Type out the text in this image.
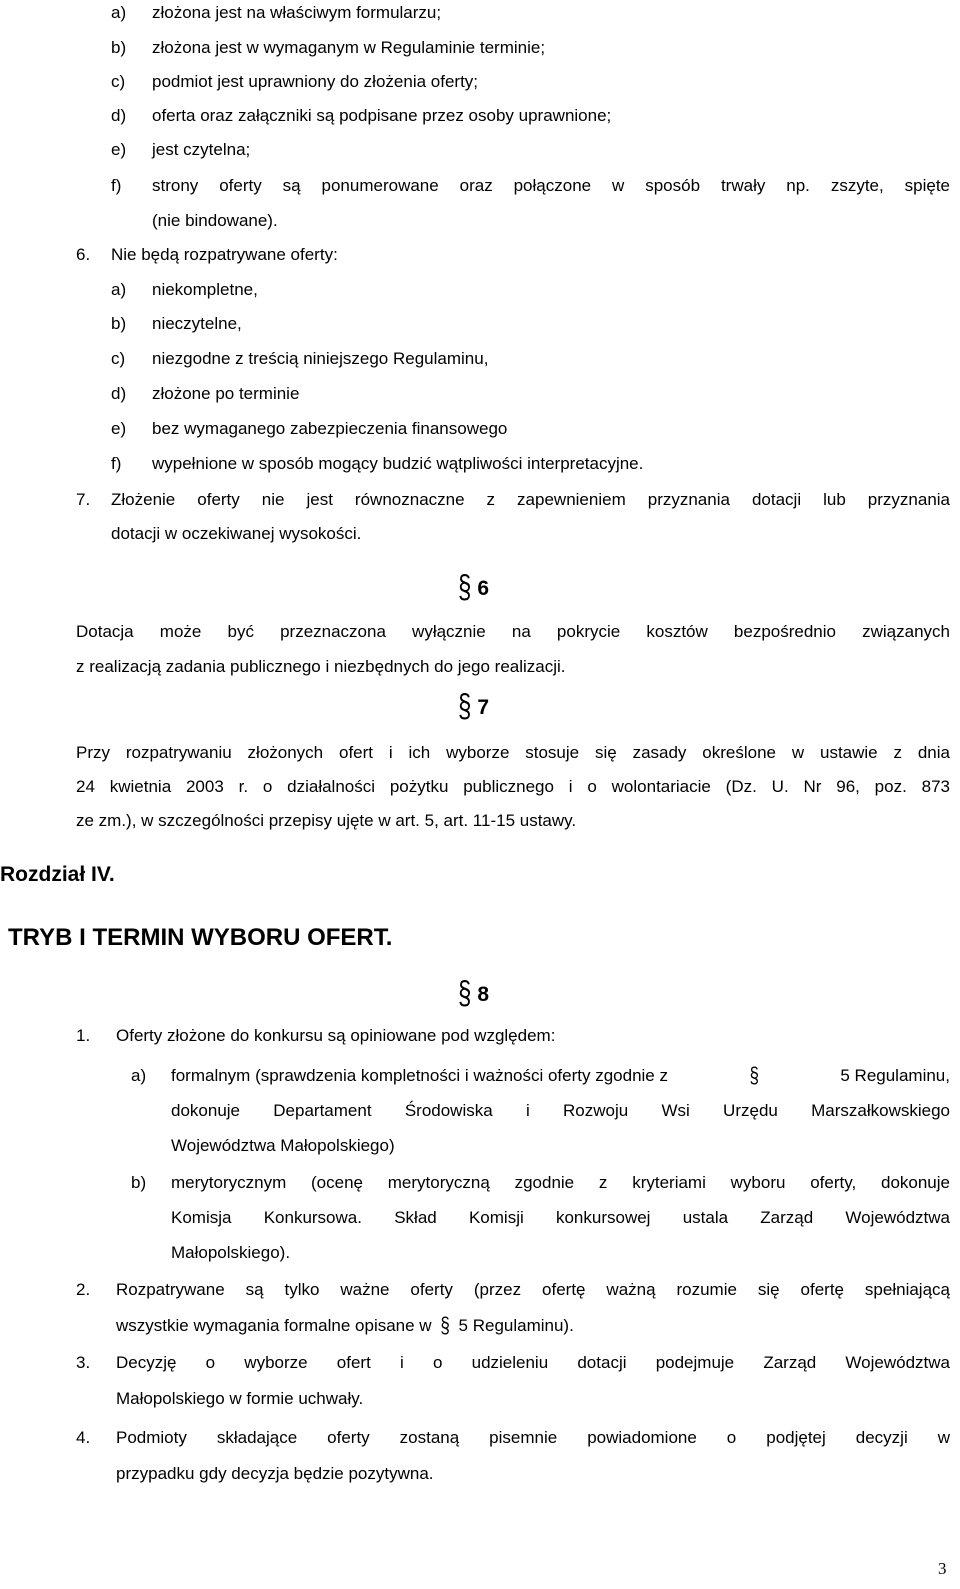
a) złożona jest na właściwym formularzu;
b) złożona jest w wymaganym w Regulaminie terminie;
c) podmiot jest uprawniony do złożenia oferty;
d) oferta oraz załączniki są podpisane przez osoby uprawnione;
e) jest czytelna;
f) strony oferty są ponumerowane oraz połączone w sposób trwały np. zszyte, spięte
(nie bindowane).
6. Nie będą rozpatrywane oferty:
a) niekompletne,
b) nieczytelne,
c) niezgodne z treścią niniejszego Regulaminu,
d) złożone po terminie
e) bez wymaganego zabezpieczenia finansowego
f) wypełnione w sposób mogący budzić wątpliwości interpretacyjne.
7. Złożenie oferty nie jest równoznaczne z zapewnieniem przyznania dotacji lub przyznania
dotacji w oczekiwanej wysokości.
§ 6
Dotacja może być przeznaczona wyłącznie na pokrycie kosztów bezpośrednio związanych
z realizacją zadania publicznego i niezbędnych do jego realizacji.
§ 7
Przy rozpatrywaniu złożonych ofert i ich wyborze stosuje się zasady określone w ustawie z dnia
24 kwietnia 2003 r. o działalności pożytku publicznego i o wolontariacie (Dz. U. Nr 96, poz. 873
ze zm.), w szczególności przepisy ujęte w art. 5, art. 11-15 ustawy.
Rozdział IV.
TRYB I TERMIN WYBORU OFERT.
§ 8
1. Oferty złożone do konkursu są opiniowane pod względem:
a) formalnym (sprawdzenia kompletności i ważności oferty zgodnie z	§	5 Regulaminu,
dokonuje Departament Środowiska i Rozwoju Wsi Urzędu Marszałkowskiego
Województwa Małopolskiego)
b) merytorycznym (ocenę merytoryczną zgodnie z kryteriami wyboru oferty, dokonuje
Komisja Konkursowa. Skład Komisji konkursowej ustala Zarząd Województwa
Małopolskiego).
2. Rozpatrywane są tylko ważne oferty (przez ofertę ważną rozumie się ofertę spełniającą
wszystkie wymagania formalne opisane w § 5 Regulaminu).
3. Decyzję o wyborze ofert i o udzieleniu dotacji podejmuje Zarząd Województwa
Małopolskiego w formie uchwały.
4. Podmioty składające oferty zostaną pisemnie powiadomione o podjętej decyzji w
przypadku gdy decyzja będzie pozytywna.
3
